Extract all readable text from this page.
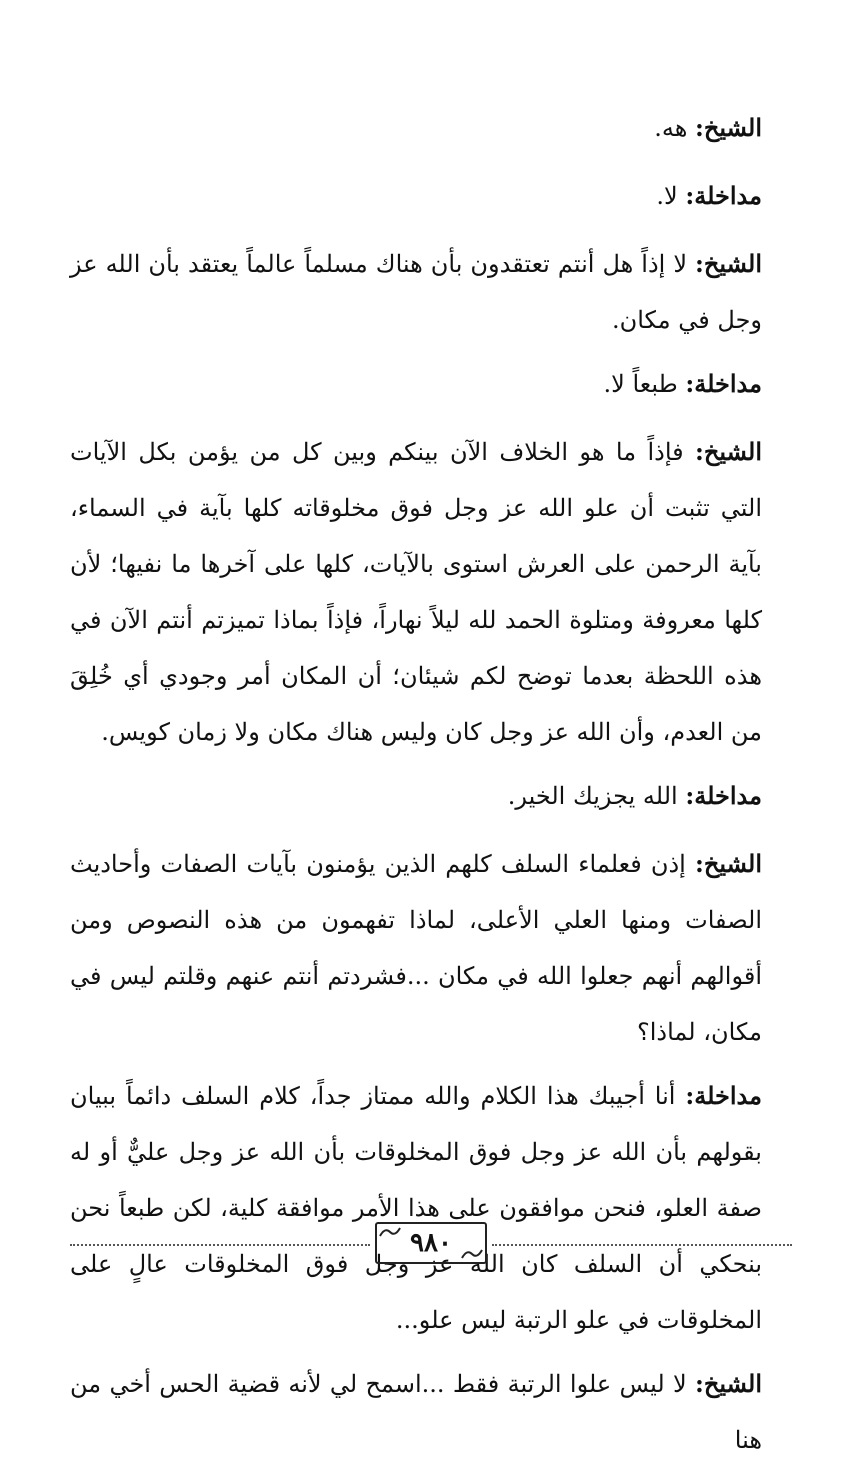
الشيخ: هه.

مداخلة: لا.

الشيخ: لا إذاً هل أنتم تعتقدون بأن هناك مسلماً عالماً يعتقد بأن الله عز وجل في مكان.

مداخلة: طبعاً لا.

الشيخ: فإذاً ما هو الخلاف الآن بينكم وبين كل من يؤمن بكل الآيات التي تثبت أن علو الله عز وجل فوق مخلوقاته كلها بآية في السماء، بآية الرحمن على العرش استوى بالآيات، كلها على آخرها ما نفيها؛ لأن كلها معروفة ومتلوة الحمد لله ليلاً نهاراً، فإذاً بماذا تميزتم أنتم الآن في هذه اللحظة بعدما توضح لكم شيئان؛ أن المكان أمر وجودي أي خُلِقَ من العدم، وأن الله عز وجل كان وليس هناك مكان ولا زمان كويس.

مداخلة: الله يجزيك الخير.

الشيخ: إذن فعلماء السلف كلهم الذين يؤمنون بآيات الصفات وأحاديث الصفات ومنها العلي الأعلى، لماذا تفهمون من هذه النصوص ومن أقوالهم أنهم جعلوا الله في مكان ...فشردتم أنتم عنهم وقلتم ليس في مكان، لماذا؟

مداخلة: أنا أجيبك هذا الكلام والله ممتاز جداً، كلام السلف دائماً ببيان بقولهم بأن الله عز وجل فوق المخلوقات بأن الله عز وجل عليٌّ أو له صفة العلو، فنحن موافقون على هذا الأمر موافقة كلية، لكن طبعاً نحن بنحكي أن السلف كان الله عز وجل فوق المخلوقات عالٍ على المخلوقات في علو الرتبة ليس علو...

الشيخ: لا ليس علوا الرتبة فقط ...اسمح لي لأنه قضية الحس أخي من هنا

٩٨٠
